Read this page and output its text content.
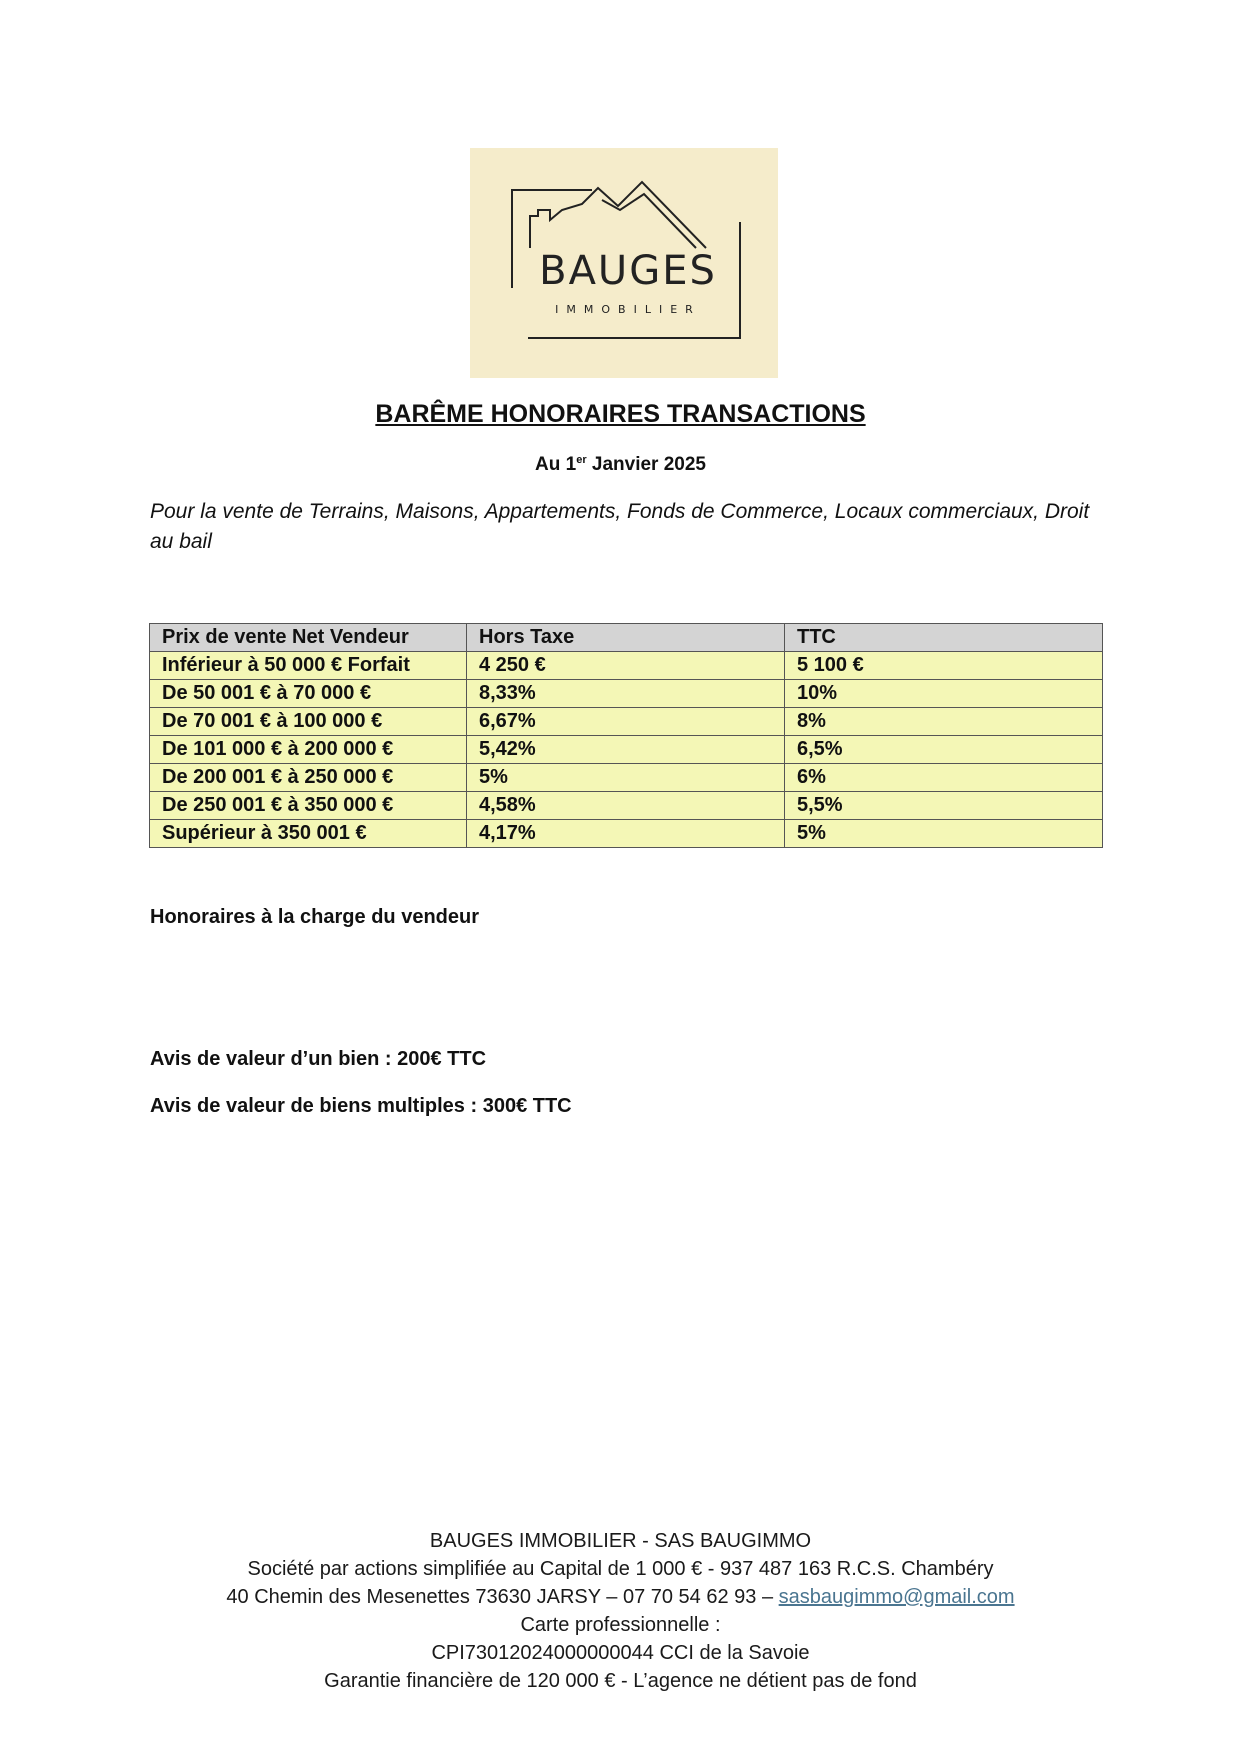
BAUGES
IMMOBILIER
BARÊME HONORAIRES TRANSACTIONS
Au 1er Janvier 2025
Pour la vente de Terrains, Maisons, Appartements, Fonds de Commerce, Locaux commerciaux, Droit au bail
Prix de vente Net Vendeur	Hors Taxe	TTC
Inférieur à 50 000 € Forfait	4 250 €	5 100 €
De 50 001 € à 70 000 €	8,33%	10%
De 70 001 € à 100 000 €	6,67%	8%
De 101 000 € à 200 000 €	5,42%	6,5%
De 200 001 € à 250 000 €	5%	6%
De 250 001 € à 350 000 €	4,58%	5,5%
Supérieur à 350 001 €	4,17%	5%
Honoraires à la charge du vendeur
Avis de valeur d’un bien : 200€ TTC
Avis de valeur de biens multiples : 300€ TTC
BAUGES IMMOBILIER - SAS BAUGIMMO
Société par actions simplifiée au Capital de 1 000 € - 937 487 163 R.C.S. Chambéry
40 Chemin des Mesenettes 73630 JARSY – 07 70 54 62 93 – sasbaugimmo@gmail.com
Carte professionnelle :
CPI73012024000000044 CCI de la Savoie
Garantie financière de 120 000 € - L’agence ne détient pas de fond
